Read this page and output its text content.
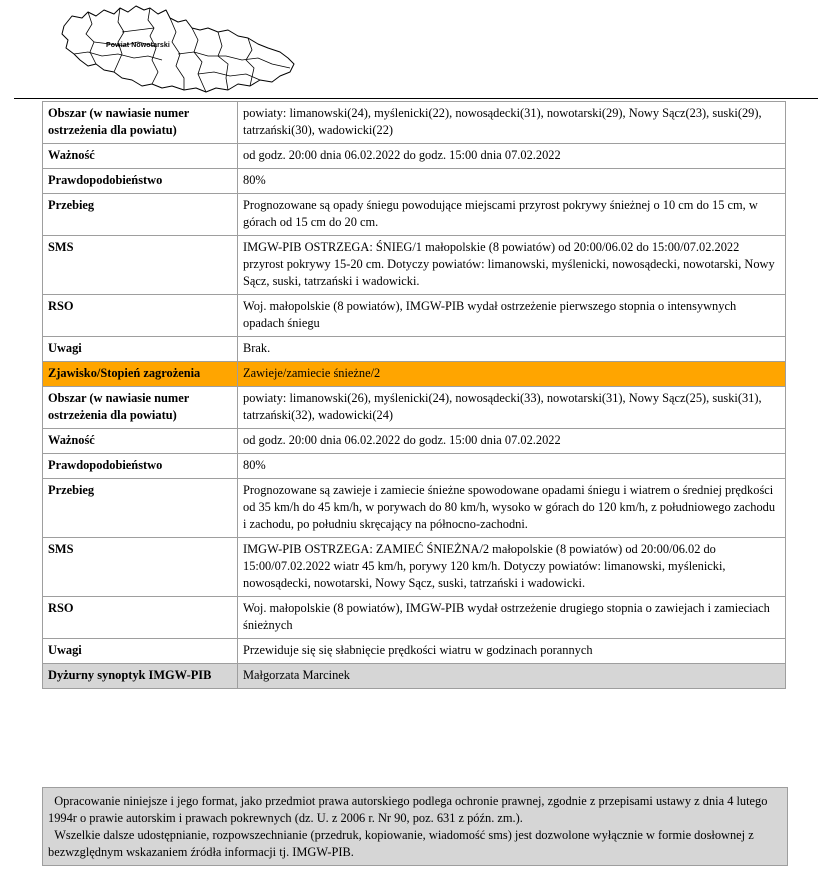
Powiat Nowotarski
Obszar (w nawiasie numer ostrzeżenia dla powiatu)	powiaty: limanowski(24), myślenicki(22), nowosądecki(31), nowotarski(29), Nowy Sącz(23), suski(29), tatrzański(30), wadowicki(22)
Ważność	od godz. 20:00 dnia 06.02.2022 do godz. 15:00 dnia 07.02.2022
Prawdopodobieństwo	80%
Przebieg	Prognozowane są opady śniegu powodujące miejscami przyrost pokrywy śnieżnej o 10 cm do 15 cm, w górach od 15 cm do 20 cm.
SMS	IMGW-PIB OSTRZEGA: ŚNIEG/1 małopolskie (8 powiatów) od 20:00/06.02 do 15:00/07.02.2022 przyrost pokrywy 15-20 cm. Dotyczy powiatów: limanowski, myślenicki, nowosądecki, nowotarski, Nowy Sącz, suski, tatrzański i wadowicki.
RSO	Woj. małopolskie (8 powiatów), IMGW-PIB wydał ostrzeżenie pierwszego stopnia o intensywnych opadach śniegu
Uwagi	Brak.
Zjawisko/Stopień zagrożenia	Zawieje/zamiecie śnieżne/2
Obszar (w nawiasie numer ostrzeżenia dla powiatu)	powiaty: limanowski(26), myślenicki(24), nowosądecki(33), nowotarski(31), Nowy Sącz(25), suski(31), tatrzański(32), wadowicki(24)
Ważność	od godz. 20:00 dnia 06.02.2022 do godz. 15:00 dnia 07.02.2022
Prawdopodobieństwo	80%
Przebieg	Prognozowane są zawieje i zamiecie śnieżne spowodowane opadami śniegu i wiatrem o średniej prędkości od 35 km/h do 45 km/h, w porywach do 80 km/h, wysoko w górach do 120 km/h, z południowego zachodu i zachodu, po południu skręcający na północno-zachodni.
SMS	IMGW-PIB OSTRZEGA: ZAMIEĆ ŚNIEŻNA/2 małopolskie (8 powiatów) od 20:00/06.02 do 15:00/07.02.2022 wiatr 45 km/h, porywy 120 km/h. Dotyczy powiatów: limanowski, myślenicki, nowosądecki, nowotarski, Nowy Sącz, suski, tatrzański i wadowicki.
RSO	Woj. małopolskie (8 powiatów), IMGW-PIB wydał ostrzeżenie drugiego stopnia o zawiejach i zamieciach śnieżnych
Uwagi	Przewiduje się się słabnięcie prędkości wiatru w godzinach porannych
Dyżurny synoptyk IMGW-PIB	Małgorzata Marcinek

Opracowanie niniejsze i jego format, jako przedmiot prawa autorskiego podlega ochronie prawnej, zgodnie z przepisami ustawy z dnia 4 lutego 1994r o prawie autorskim i prawach pokrewnych (dz. U. z 2006 r. Nr 90, poz. 631 z późn. zm.).

Wszelkie dalsze udostępnianie, rozpowszechnianie (przedruk, kopiowanie, wiadomość sms) jest dozwolone wyłącznie w formie dosłownej z bezwzględnym wskazaniem źródła informacji tj. IMGW-PIB.
